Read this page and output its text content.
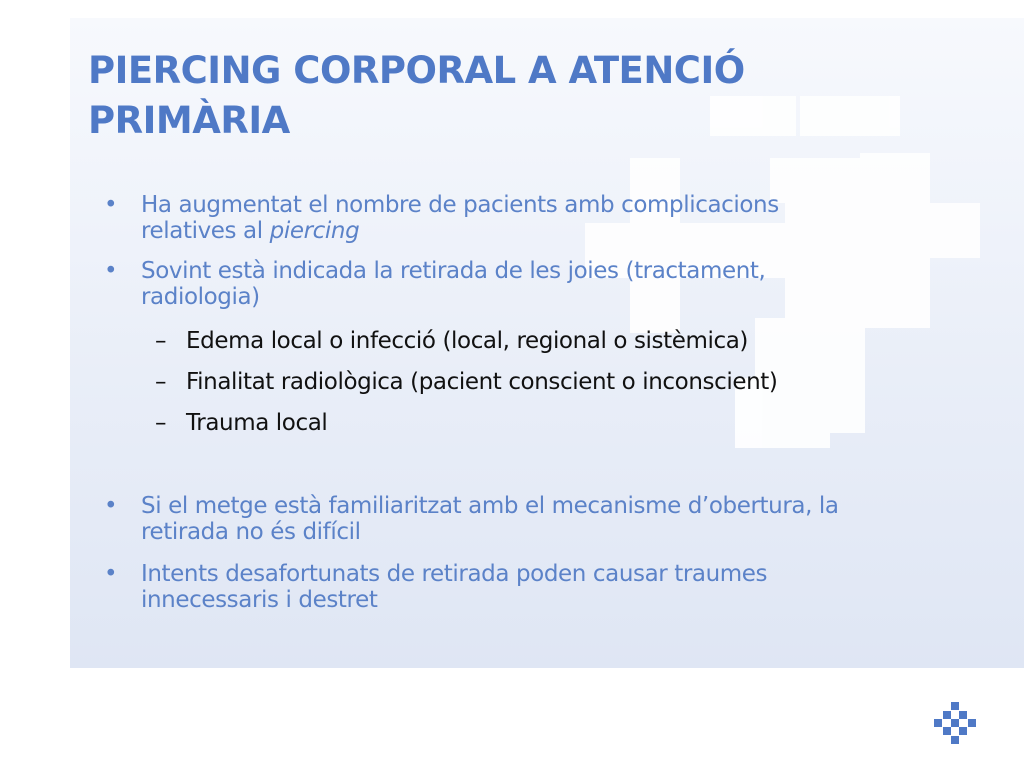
PIERCING CORPORAL A ATENCIÓ
PRIMÀRIA
• Ha augmentat el nombre de pacients amb complicacions
relatives al piercing
• Sovint està indicada la retirada de les joies (tractament,
radiologia)
– Edema local o infecció (local, regional o sistèmica)
– Finalitat radiològica (pacient conscient o inconscient)
– Trauma local
• Si el metge està familiaritzat amb el mecanisme d’obertura, la
retirada no és difícil
• Intents desafortunats de retirada poden causar traumes
innecessaris i destret
